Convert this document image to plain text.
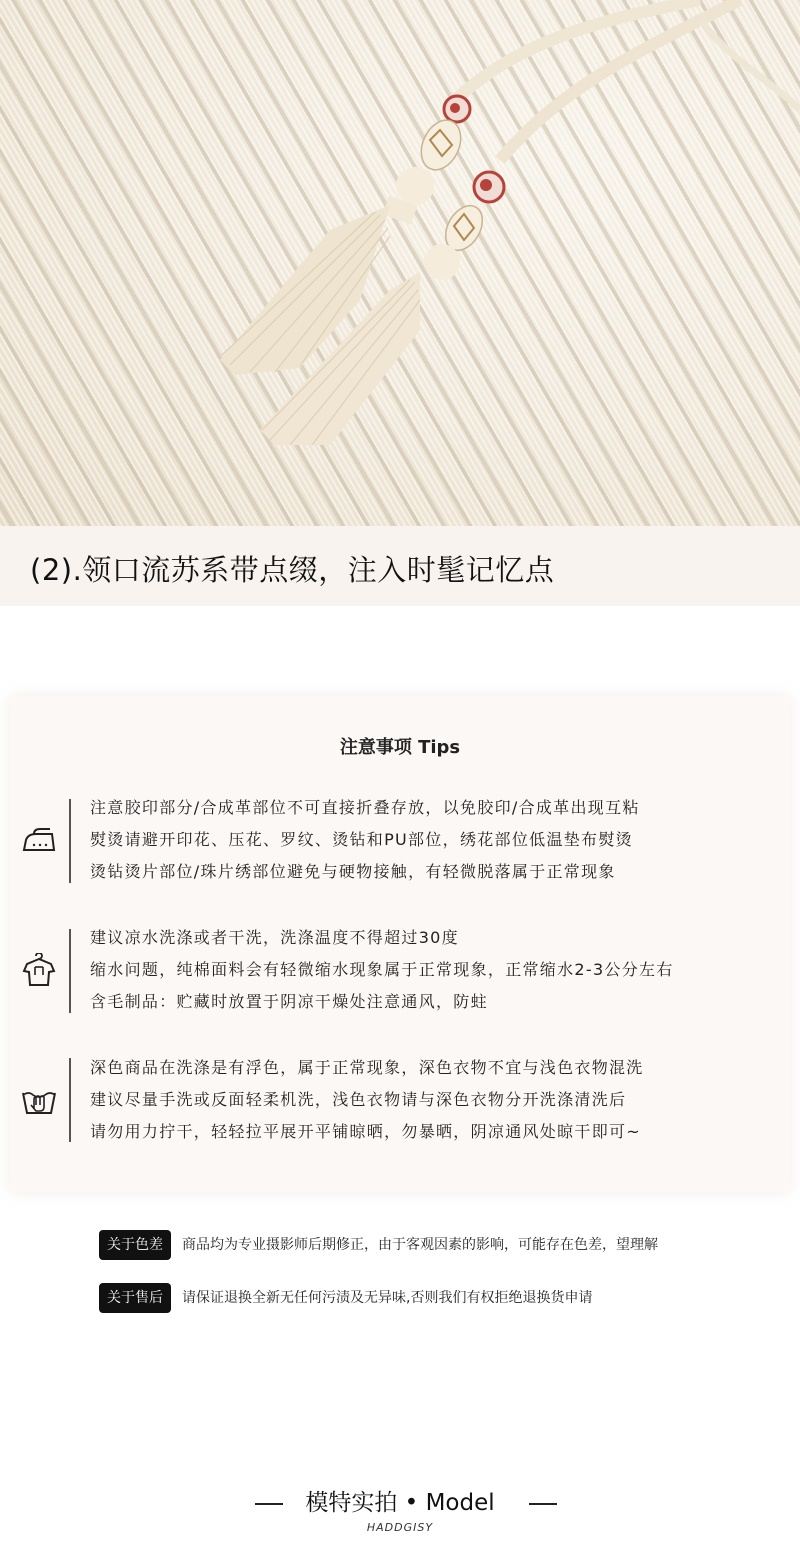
(2).领口流苏系带点缀，注入时髦记忆点
注意事项 Tips
注意胶印部分/合成革部位不可直接折叠存放，以免胶印/合成革出现互粘
熨烫请避开印花、压花、罗纹、烫钻和PU部位，绣花部位低温垫布熨烫
烫钻烫片部位/珠片绣部位避免与硬物接触，有轻微脱落属于正常现象
建议凉水洗涤或者干洗，洗涤温度不得超过30度
缩水问题，纯棉面料会有轻微缩水现象属于正常现象，正常缩水2-3公分左右
含毛制品：贮藏时放置于阴凉干燥处注意通风，防蛀
深色商品在洗涤是有浮色，属于正常现象，深色衣物不宜与浅色衣物混洗
建议尽量手洗或反面轻柔机洗，浅色衣物请与深色衣物分开洗涤清洗后
请勿用力拧干，轻轻拉平展开平铺晾晒，勿暴晒，阴凉通风处晾干即可~
关于色差	商品均为专业摄影师后期修正，由于客观因素的影响，可能存在色差，望理解
关于售后	请保证退换全新无任何污渍及无异味,否则我们有权拒绝退换货申请
模特实拍 • Model
HADDGISY
